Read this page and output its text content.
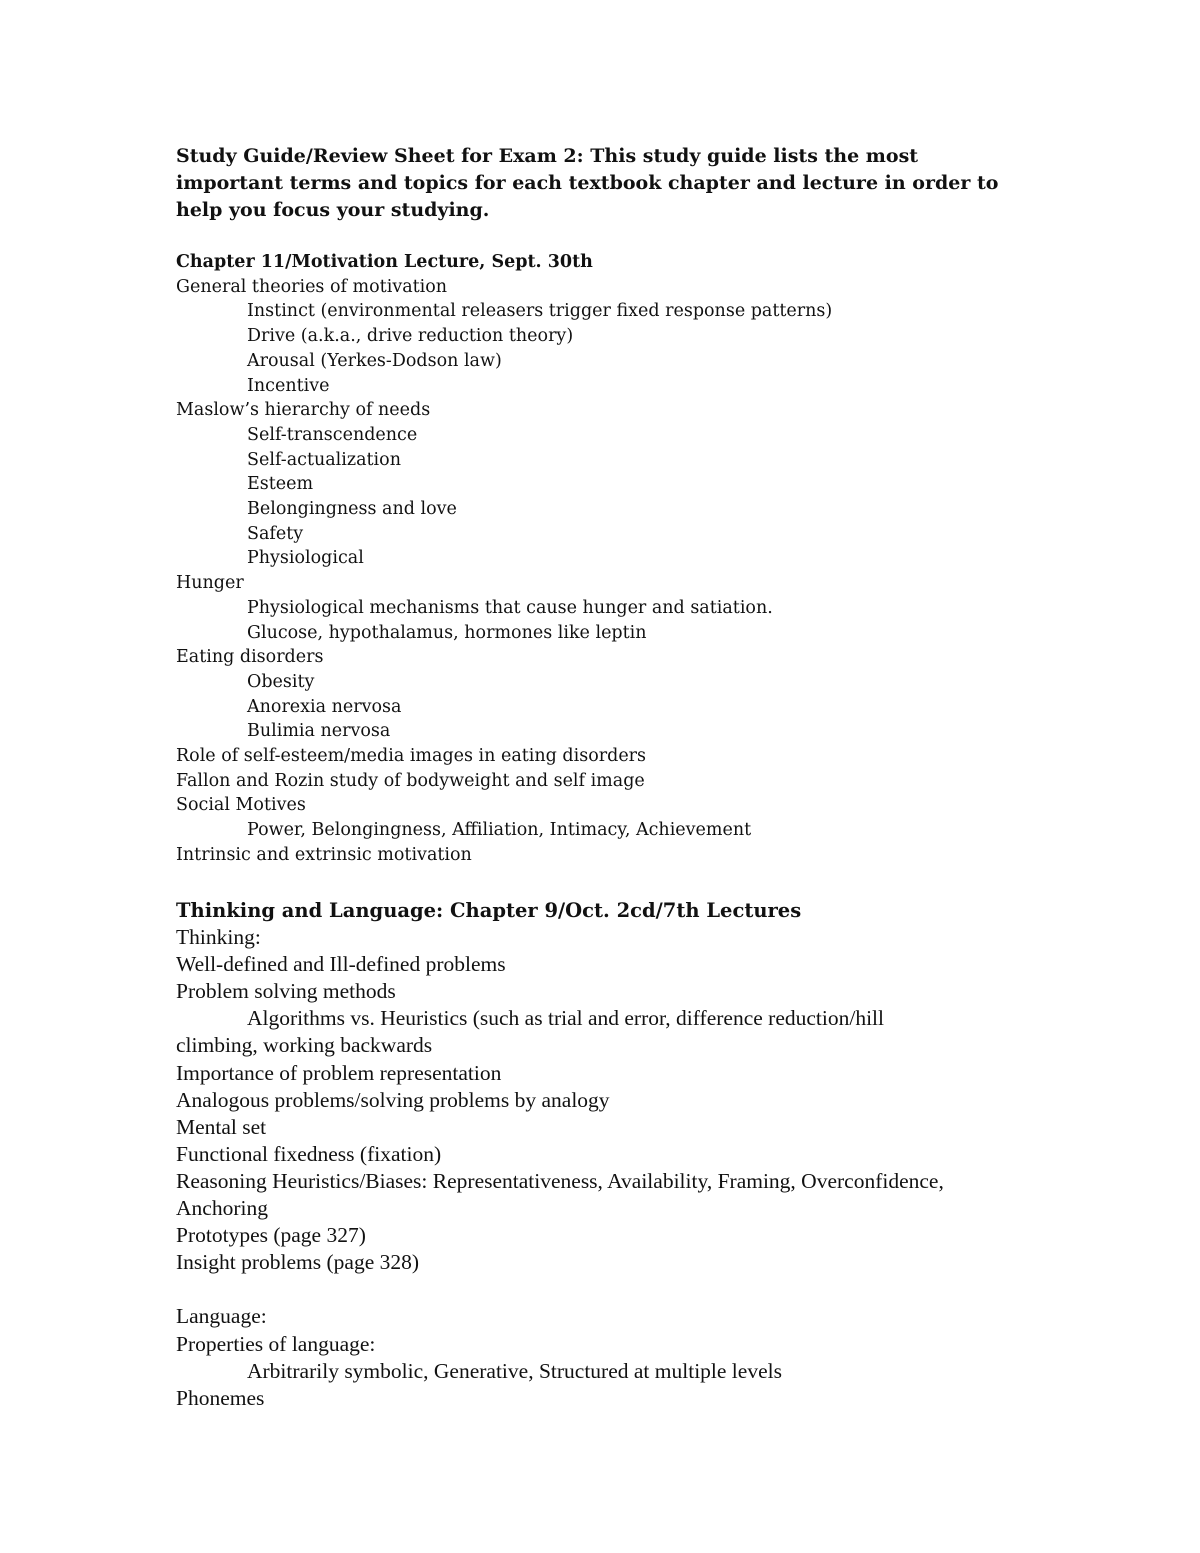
Study Guide/Review Sheet for Exam 2: This study guide lists the most important terms and topics for each textbook chapter and lecture in order to help you focus your studying.
Chapter 11/Motivation Lecture, Sept. 30th
General theories of motivation
Instinct (environmental releasers trigger fixed response patterns)
Drive (a.k.a., drive reduction theory)
Arousal (Yerkes-Dodson law)
Incentive
Maslow’s hierarchy of needs
Self-transcendence
Self-actualization
Esteem
Belongingness and love
Safety
Physiological
Hunger
Physiological mechanisms that cause hunger and satiation.
Glucose, hypothalamus, hormones like leptin
Eating disorders
Obesity
Anorexia nervosa
Bulimia nervosa
Role of self-esteem/media images in eating disorders
Fallon and Rozin study of bodyweight and self image
Social Motives
Power, Belongingness, Affiliation, Intimacy, Achievement
Intrinsic and extrinsic motivation
Thinking and Language: Chapter 9/Oct. 2cd/7th Lectures
Thinking:
Well-defined and Ill-defined problems
Problem solving methods
Algorithms vs. Heuristics (such as trial and error, difference reduction/hill
climbing, working backwards
Importance of problem representation
Analogous problems/solving problems by analogy
Mental set
Functional fixedness (fixation)
Reasoning Heuristics/Biases: Representativeness, Availability, Framing, Overconfidence,
Anchoring
Prototypes (page 327)
Insight problems (page 328)
Language:
Properties of language:
Arbitrarily symbolic, Generative, Structured at multiple levels
Phonemes
